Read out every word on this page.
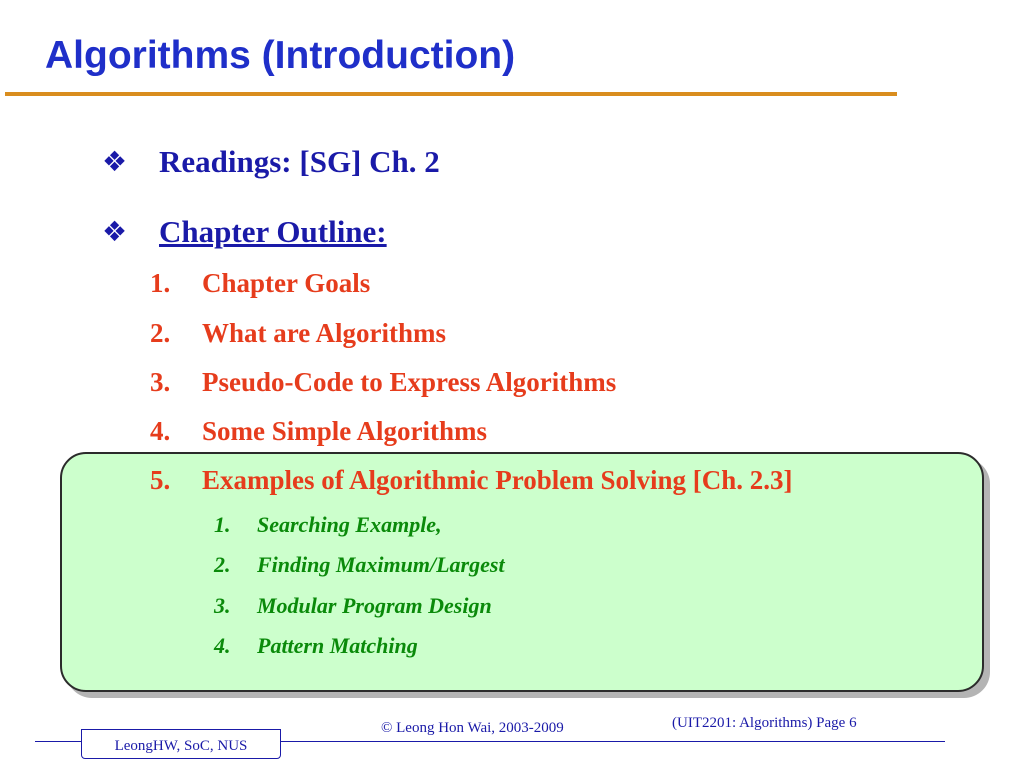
Algorithms (Introduction)
❖ Readings: [SG] Ch. 2
❖ Chapter Outline:
1. Chapter Goals
2. What are Algorithms
3. Pseudo-Code to Express Algorithms
4. Some Simple Algorithms
5. Examples of Algorithmic Problem Solving [Ch. 2.3]
1. Searching Example,
2. Finding Maximum/Largest
3. Modular Program Design
4. Pattern Matching
LeongHW, SoC, NUS
© Leong Hon Wai, 2003-2009	(UIT2201: Algorithms) Page 6
